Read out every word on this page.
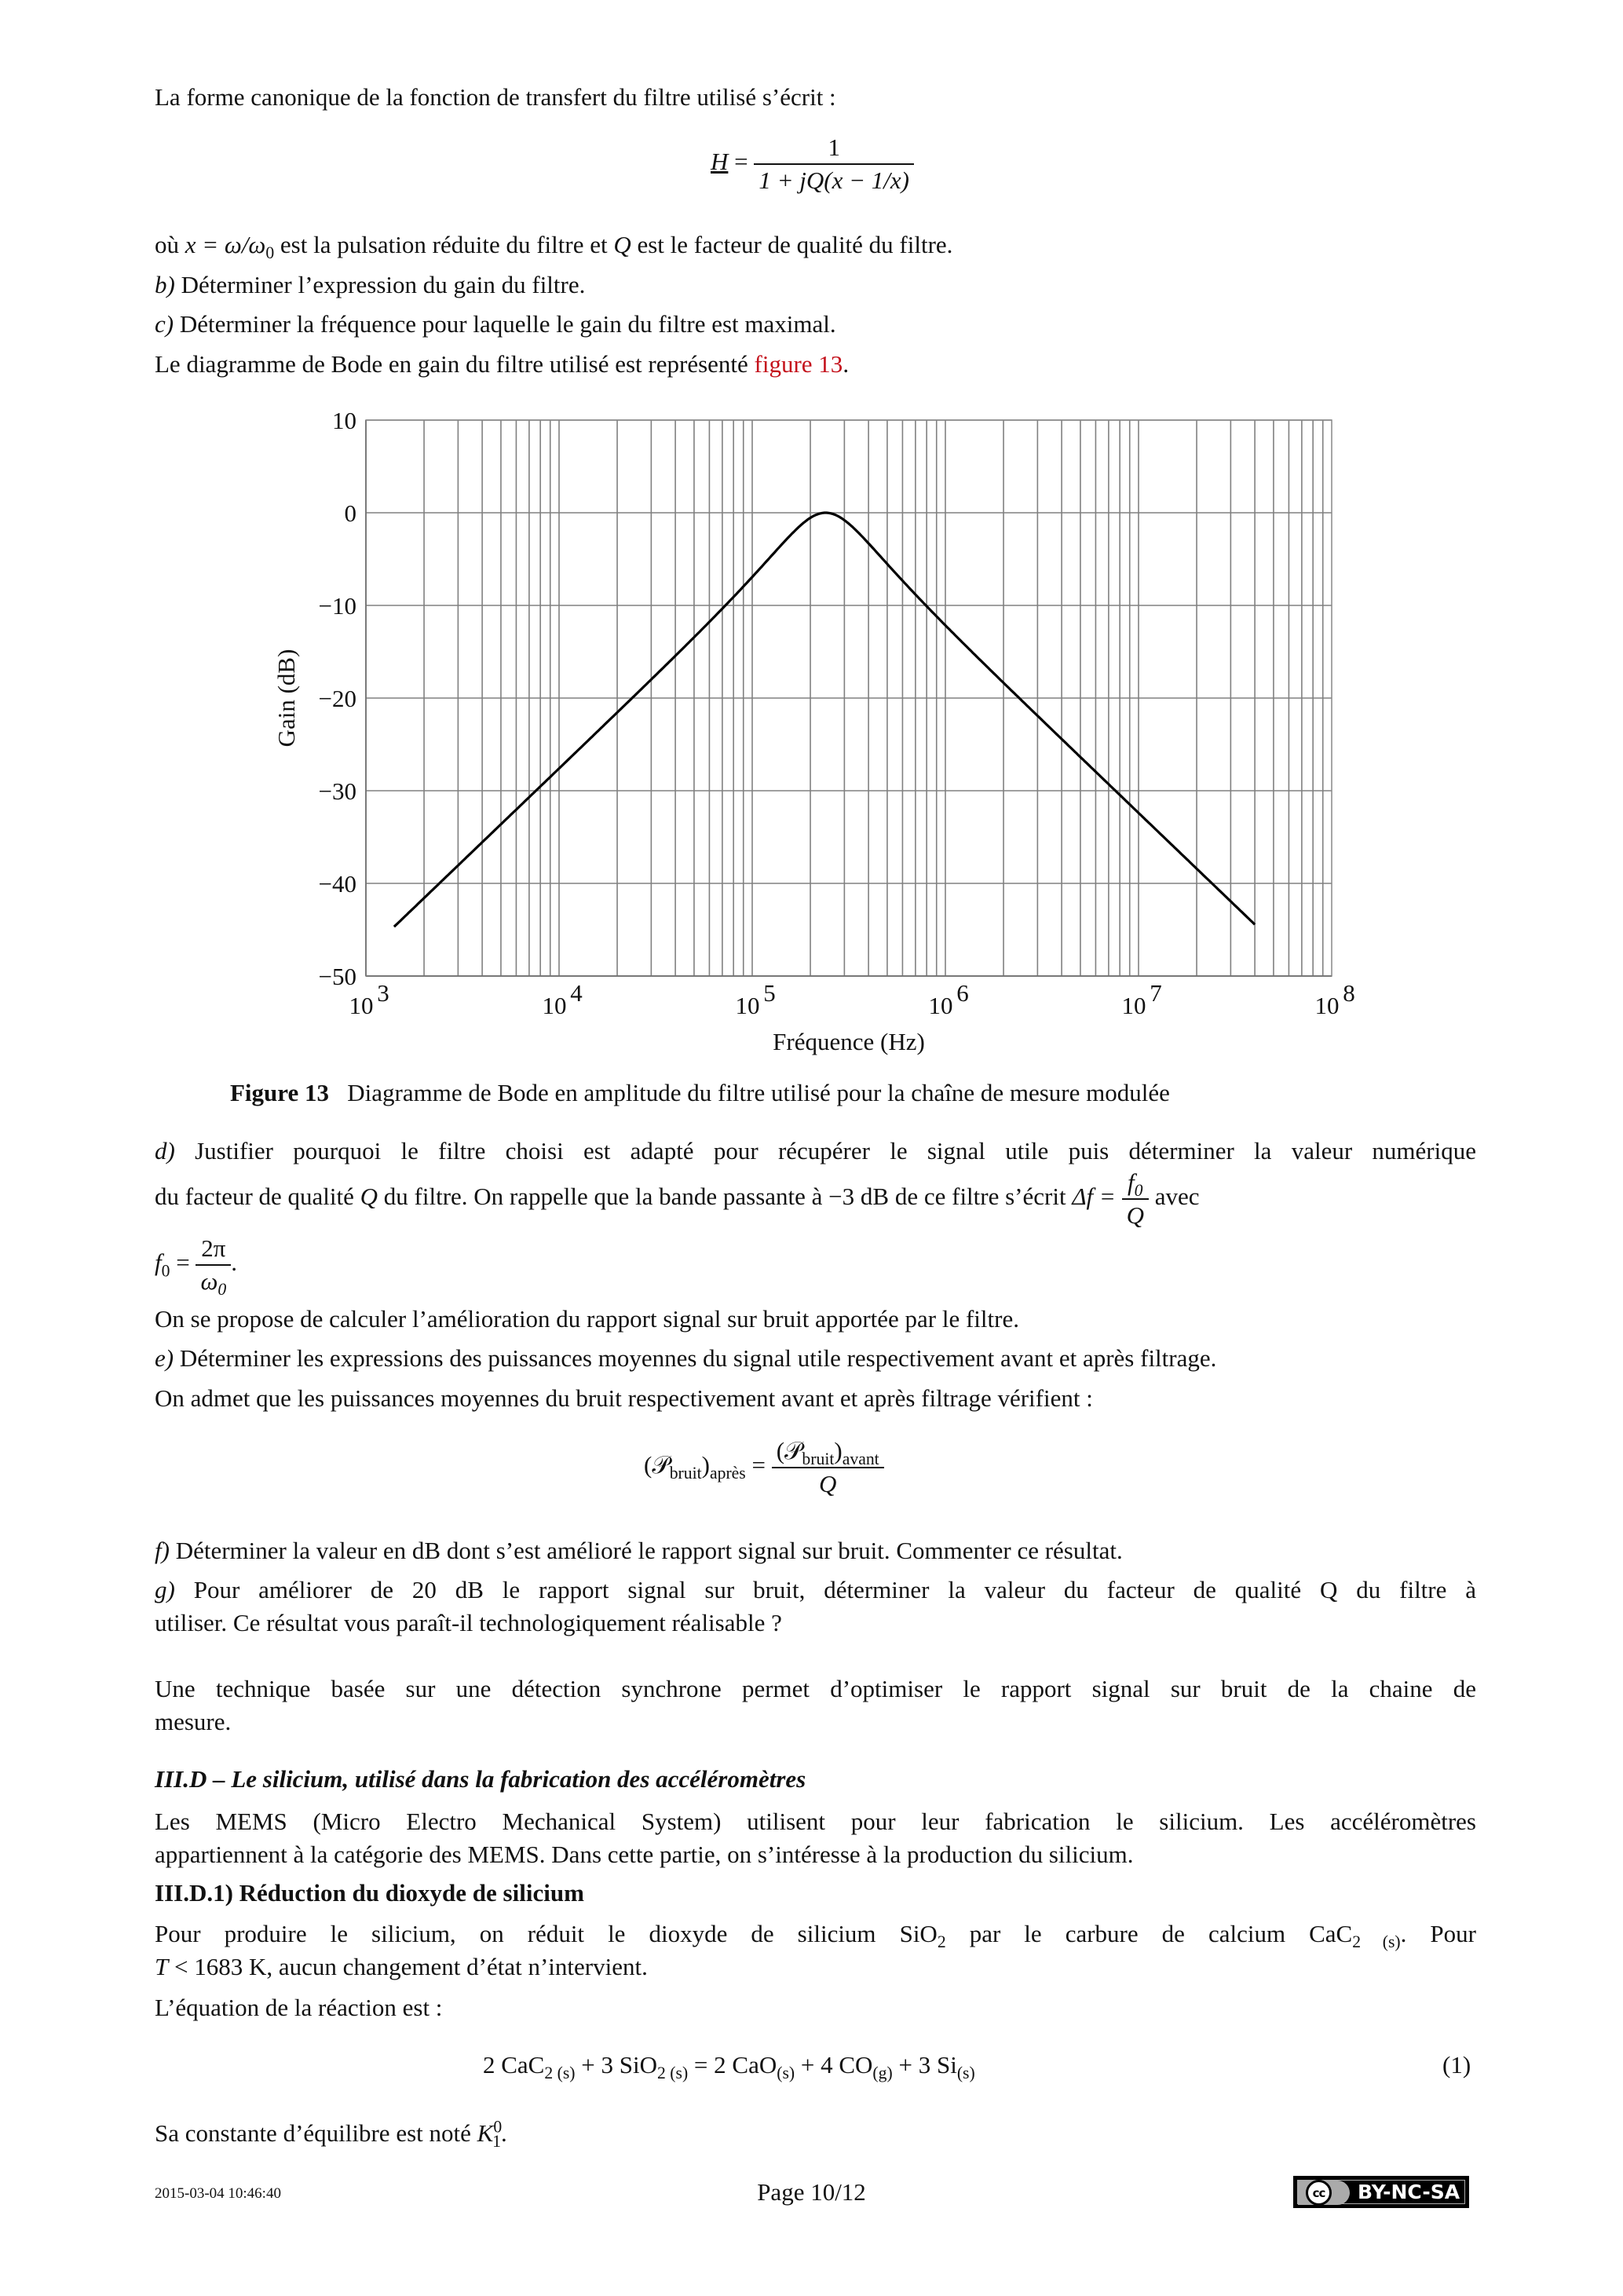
La forme canonique de la fonction de transfert du filtre utilisé s’écrit :
$H = \frac{1}{1 + jQ(x - 1/x)}$
où $x = \omega/\omega_0$ est la pulsation réduite du filtre et Q est le facteur de qualité du filtre.
b) Déterminer l’expression du gain du filtre.
c) Déterminer la fréquence pour laquelle le gain du filtre est maximal.
Le diagramme de Bode en gain du filtre utilisé est représenté figure 13.
10
0
−10
−20
−30
−40
−50
10 3	10 4	10 5	10 6	10 7	10 8
Gain (dB)
Fréquence (Hz)
Figure 13 Diagramme de Bode en amplitude du filtre utilisé pour la chaîne de mesure modulée
d) Justifier pourquoi le filtre choisi est adapté pour récupérer le signal utile puis déterminer la valeur numérique
du facteur de qualité Q du filtre. On rappelle que la bande passante à −3 dB de ce filtre s’écrit $\Delta f = \frac{f_0}{Q}$ avec
$f_0 = \frac{2\pi}{\omega_0}$ .
On se propose de calculer l’amélioration du rapport signal sur bruit apportée par le filtre.
e) Déterminer les expressions des puissances moyennes du signal utile respectivement avant et après filtrage.
On admet que les puissances moyennes du bruit respectivement avant et après filtrage vérifient :
$(𝒫_{bruit})_{après} = \frac{(𝒫_{bruit})_{avant}}{Q}$
f) Déterminer la valeur en dB dont s’est amélioré le rapport signal sur bruit. Commenter ce résultat.
g) Pour améliorer de 20 dB le rapport signal sur bruit, déterminer la valeur du facteur de qualité Q du filtre à
utiliser. Ce résultat vous paraît-il technologiquement réalisable ?
Une technique basée sur une détection synchrone permet d’optimiser le rapport signal sur bruit de la chaine de
mesure.
III.D – Le silicium, utilisé dans la fabrication des accéléromètres
Les MEMS (Micro Electro Mechanical System) utilisent pour leur fabrication le silicium. Les accéléromètres
appartiennent à la catégorie des MEMS. Dans cette partie, on s’intéresse à la production du silicium.
III.D.1) Réduction du dioxyde de silicium
Pour produire le silicium, on réduit le dioxyde de silicium SiO$_2$ par le carbure de calcium CaC$_{2 (s)}$. Pour
T < 1683 K, aucun changement d’état n’intervient.
L’équation de la réaction est :
2 CaC$_{2 (s)}$ + 3 SiO$_{2 (s)}$ = 2 CaO$_{(s)}$ + 4 $CO_{(g)} + 3$ $Si_{(s)}$	(1)
Sa constante d’équilibre est noté $K^0_1$.
2015-03-04 10:46:40	Page 10/12	cc	BY-NC-SA
